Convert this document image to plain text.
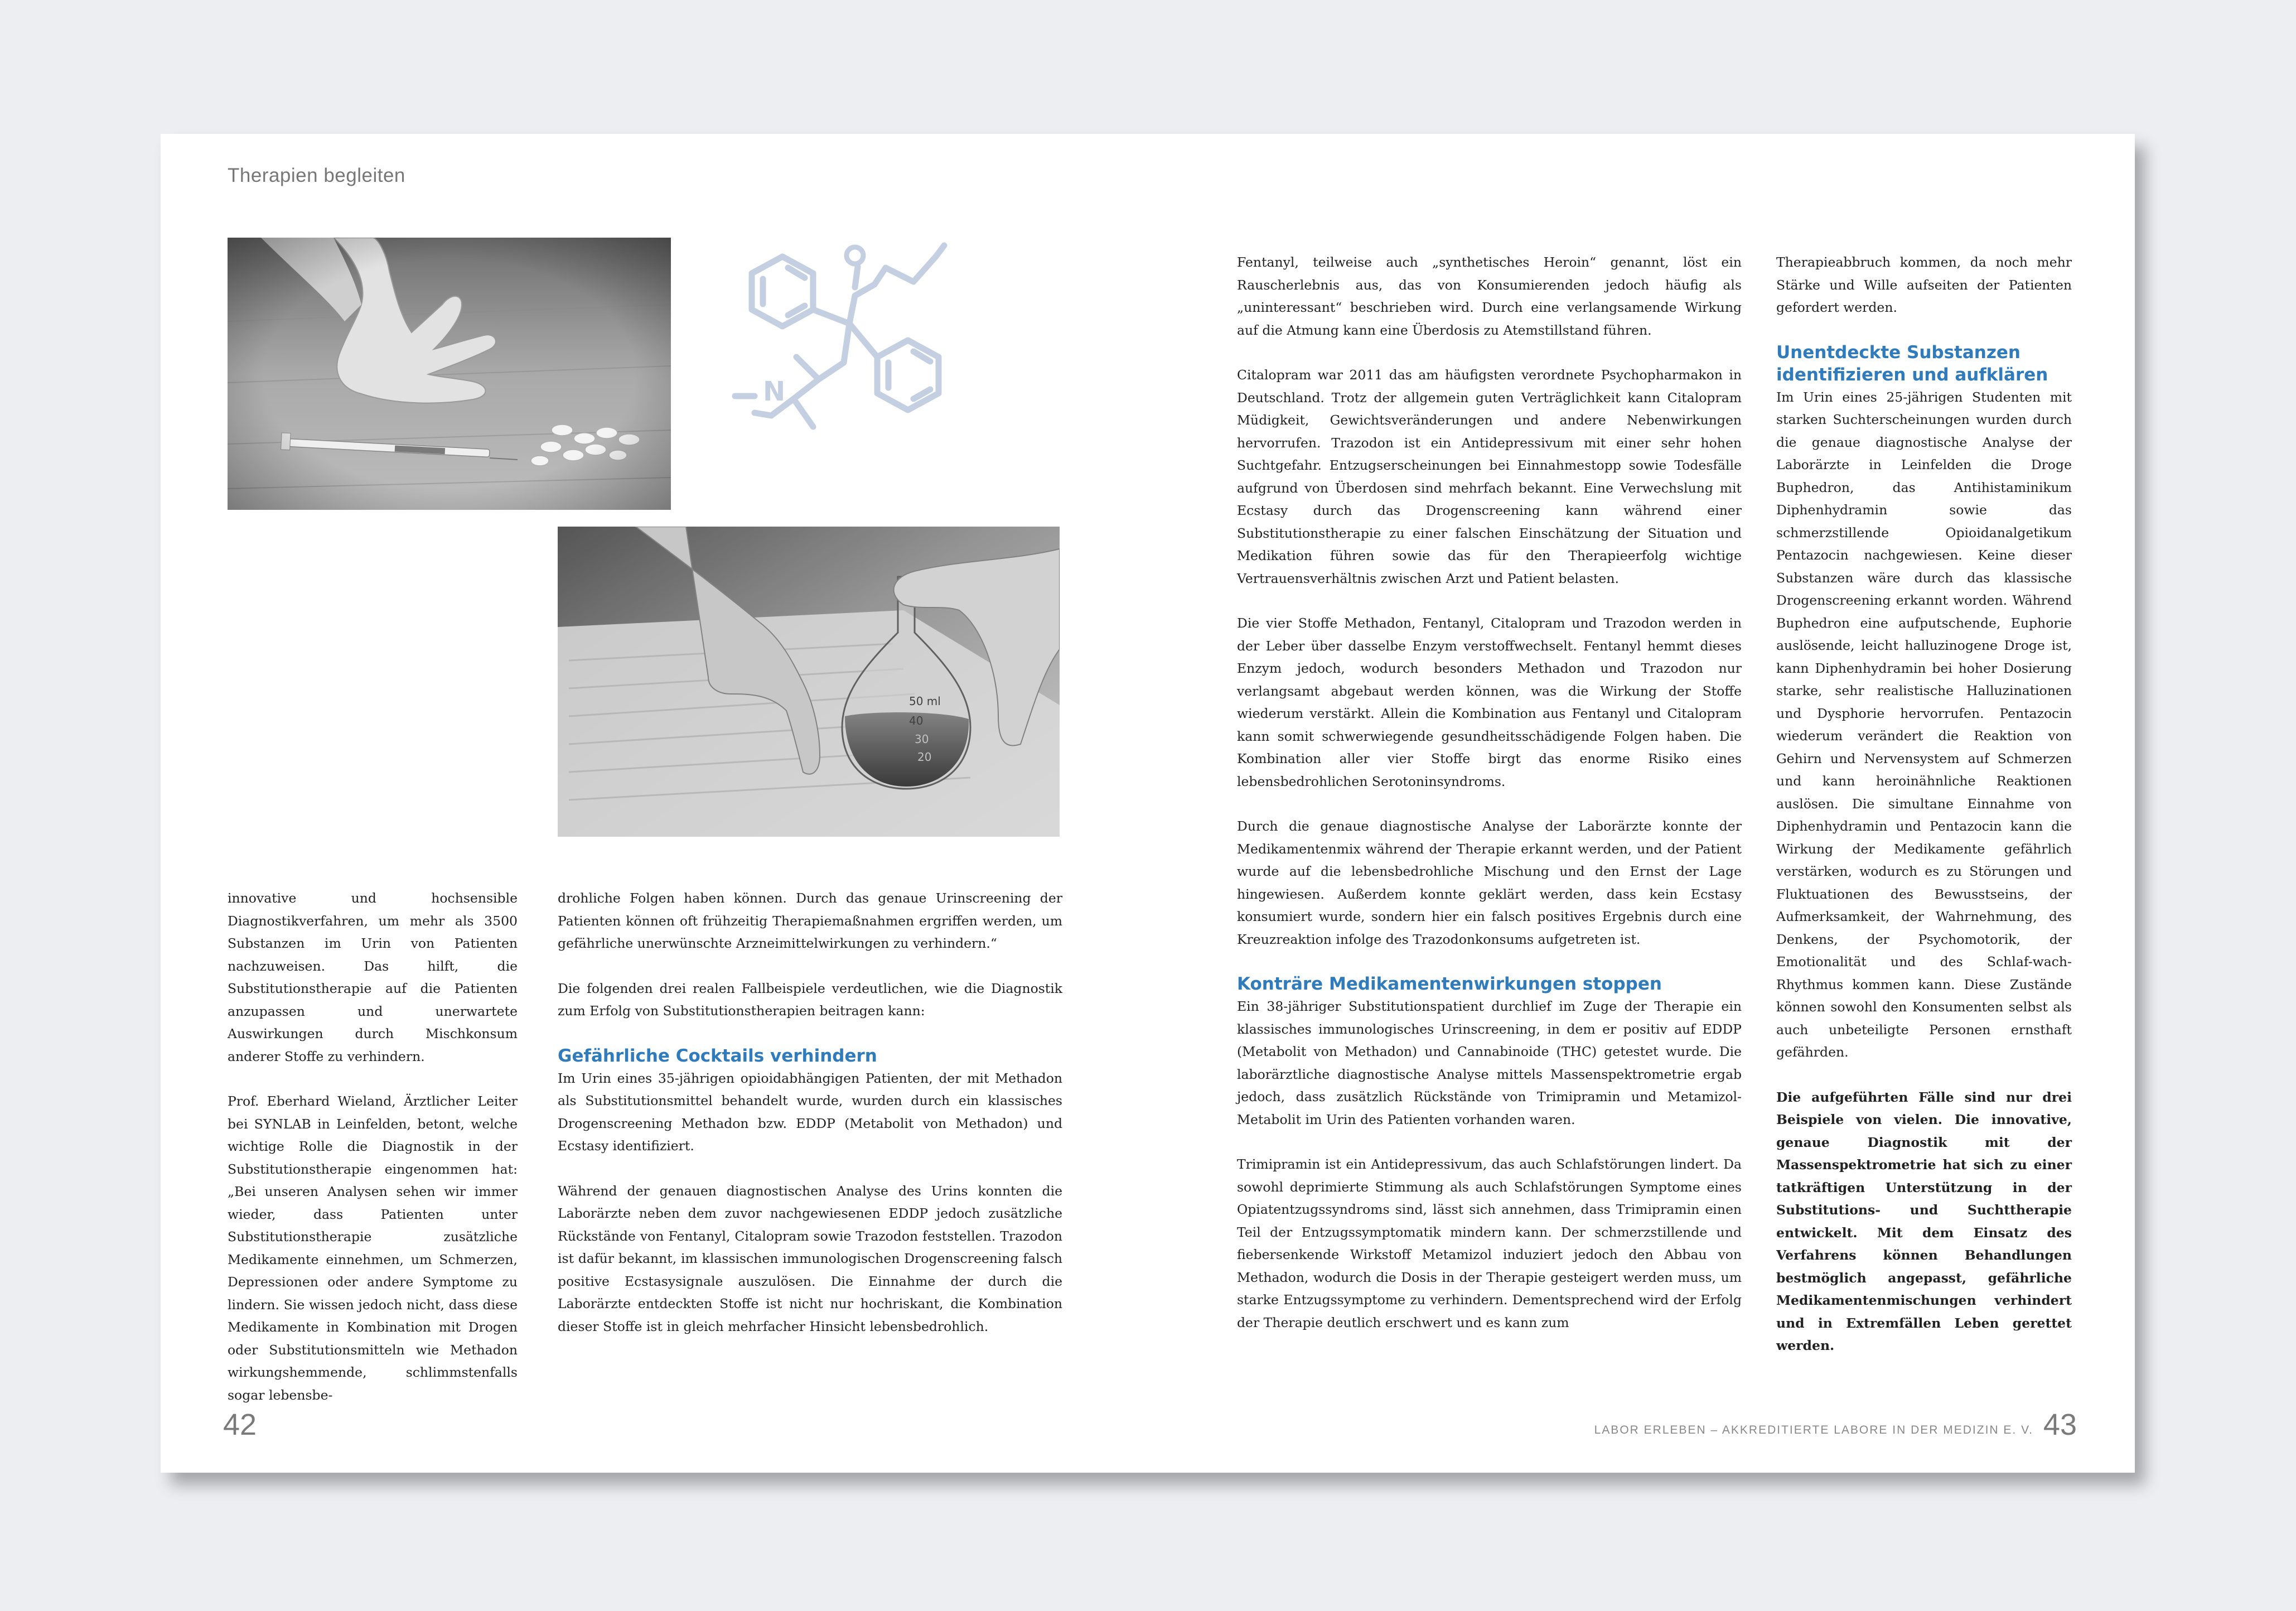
Therapien begleiten
N
50 ml
40
30
20

innovative und hochsensible Diagnostikverfahren, um mehr als 3500 Substanzen im Urin von Patienten nachzuweisen. Das hilft, die Substitutionstherapie auf die Patienten anzupassen und unerwartete Auswirkungen durch Mischkonsum anderer Stoffe zu verhindern.

Prof. Eberhard Wieland, Ärztlicher Leiter bei SYNLAB in Leinfelden, betont, welche wichtige Rolle die Diagnostik in der Substitutionstherapie eingenommen hat: „Bei unseren Analysen sehen wir immer wieder, dass Patienten unter Substitutionstherapie zusätzliche Medikamente einnehmen, um Schmerzen, Depressionen oder andere Symptome zu lindern. Sie wissen jedoch nicht, dass diese Medikamente in Kombination mit Drogen oder Substitutionsmitteln wie Methadon wirkungshemmende, schlimmstenfalls sogar lebensbe-

drohliche Folgen haben können. Durch das genaue Urinscreening der Patienten können oft frühzeitig Therapiemaßnahmen ergriffen werden, um gefährliche unerwünschte Arzneimittelwirkungen zu verhindern.“

Die folgenden drei realen Fallbeispiele verdeutlichen, wie die Diagnostik zum Erfolg von Substitutionstherapien beitragen kann:

Gefährliche Cocktails verhindern

Im Urin eines 35-jährigen opioidabhängigen Patienten, der mit Methadon als Substitutionsmittel behandelt wurde, wurden durch ein klassisches Drogenscreening Methadon bzw. EDDP (Metabolit von Methadon) und Ecstasy identifiziert.

Während der genauen diagnostischen Analyse des Urins konnten die Laborärzte neben dem zuvor nachgewiesenen EDDP jedoch zusätzliche Rückstände von Fentanyl, Citalopram sowie Trazodon feststellen. Trazodon ist dafür bekannt, im klassischen immunologischen Drogenscreening falsch positive Ecstasysignale auszulösen. Die Einnahme der durch die Laborärzte entdeckten Stoffe ist nicht nur hochriskant, die Kombination dieser Stoffe ist in gleich mehrfacher Hinsicht lebensbedrohlich.

Fentanyl, teilweise auch „synthetisches Heroin“ genannt, löst ein Rauscherlebnis aus, das von Konsumierenden jedoch häufig als „uninteressant“ beschrieben wird. Durch eine verlangsamende Wirkung auf die Atmung kann eine Überdosis zu Atemstillstand führen.

Citalopram war 2011 das am häufigsten verordnete Psychopharmakon in Deutschland. Trotz der allgemein guten Verträglichkeit kann Citalopram Müdigkeit, Gewichtsveränderungen und andere Nebenwirkungen hervorrufen. Trazodon ist ein Antidepressivum mit einer sehr hohen Suchtgefahr. Entzugserscheinungen bei Einnahmestopp sowie Todesfälle aufgrund von Überdosen sind mehrfach bekannt. Eine Verwechslung mit Ecstasy durch das Drogenscreening kann während einer Substitutionstherapie zu einer falschen Einschätzung der Situation und Medikation führen sowie das für den Therapieerfolg wichtige Vertrauensverhältnis zwischen Arzt und Patient belasten.

Die vier Stoffe Methadon, Fentanyl, Citalopram und Trazodon werden in der Leber über dasselbe Enzym verstoffwechselt. Fentanyl hemmt dieses Enzym jedoch, wodurch besonders Methadon und Trazodon nur verlangsamt abgebaut werden können, was die Wirkung der Stoffe wiederum verstärkt. Allein die Kombination aus Fentanyl und Citalopram kann somit schwerwiegende gesundheitsschädigende Folgen haben. Die Kombination aller vier Stoffe birgt das enorme Risiko eines lebensbedrohlichen Serotoninsyndroms.

Durch die genaue diagnostische Analyse der Laborärzte konnte der Medikamentenmix während der Therapie erkannt werden, und der Patient wurde auf die lebensbedrohliche Mischung und den Ernst der Lage hingewiesen. Außerdem konnte geklärt werden, dass kein Ecstasy konsumiert wurde, sondern hier ein falsch positives Ergebnis durch eine Kreuzreaktion infolge des Trazodonkonsums aufgetreten ist.

Konträre Medikamentenwirkungen stoppen

Ein 38-jähriger Substitutionspatient durchlief im Zuge der Therapie ein klassisches immunologisches Urinscreening, in dem er positiv auf EDDP (Metabolit von Methadon) und Cannabinoide (THC) getestet wurde. Die laborärztliche diagnostische Analyse mittels Massenspektrometrie ergab jedoch, dass zusätzlich Rückstände von Trimipramin und Metamizol-Metabolit im Urin des Patienten vorhanden waren.

Trimipramin ist ein Antidepressivum, das auch Schlafstörungen lindert. Da sowohl deprimierte Stimmung als auch Schlafstörungen Symptome eines Opiatentzugssyndroms sind, lässt sich annehmen, dass Trimipramin einen Teil der Entzugssymptomatik mindern kann. Der schmerzstillende und fiebersenkende Wirkstoff Metamizol induziert jedoch den Abbau von Methadon, wodurch die Dosis in der Therapie gesteigert werden muss, um starke Entzugssymptome zu verhindern. Dementsprechend wird der Erfolg der Therapie deutlich erschwert und es kann zum

Therapieabbruch kommen, da noch mehr Stärke und Wille aufseiten der Patienten gefordert werden.

Unentdeckte Substanzen identifizieren und aufklären

Im Urin eines 25-jährigen Studenten mit starken Suchterscheinungen wurden durch die genaue diagnostische Analyse der Laborärzte in Leinfelden die Droge Buphedron, das Antihistaminikum Diphenhydramin sowie das schmerzstillende Opioidanalgetikum Pentazocin nachgewiesen. Keine dieser Substanzen wäre durch das klassische Drogenscreening erkannt worden. Während Buphedron eine aufputschende, Euphorie auslösende, leicht halluzinogene Droge ist, kann Diphenhydramin bei hoher Dosierung starke, sehr realistische Halluzinationen und Dysphorie hervorrufen. Pentazocin wiederum verändert die Reaktion von Gehirn und Nervensystem auf Schmerzen und kann heroinähnliche Reaktionen auslösen. Die simultane Einnahme von Diphenhydramin und Pentazocin kann die Wirkung der Medikamente gefährlich verstärken, wodurch es zu Störungen und Fluktuationen des Bewusstseins, der Aufmerksamkeit, der Wahrnehmung, des Denkens, der Psychomotorik, der Emotionalität und des Schlaf-wach-Rhythmus kommen kann. Diese Zustände können sowohl den Konsumenten selbst als auch unbeteiligte Personen ernsthaft gefährden.

Die aufgeführten Fälle sind nur drei Beispiele von vielen. Die innovative, genaue Diagnostik mit der Massenspektrometrie hat sich zu einer tatkräftigen Unterstützung in der Substitutions- und Suchttherapie entwickelt. Mit dem Einsatz des Verfahrens können Behandlungen bestmöglich angepasst, gefährliche Medikamentenmischungen verhindert und in Extremfällen Leben gerettet werden.

42	LABOR ERLEBEN – AKKREDITIERTE LABORE IN DER MEDIZIN E. V. 43
